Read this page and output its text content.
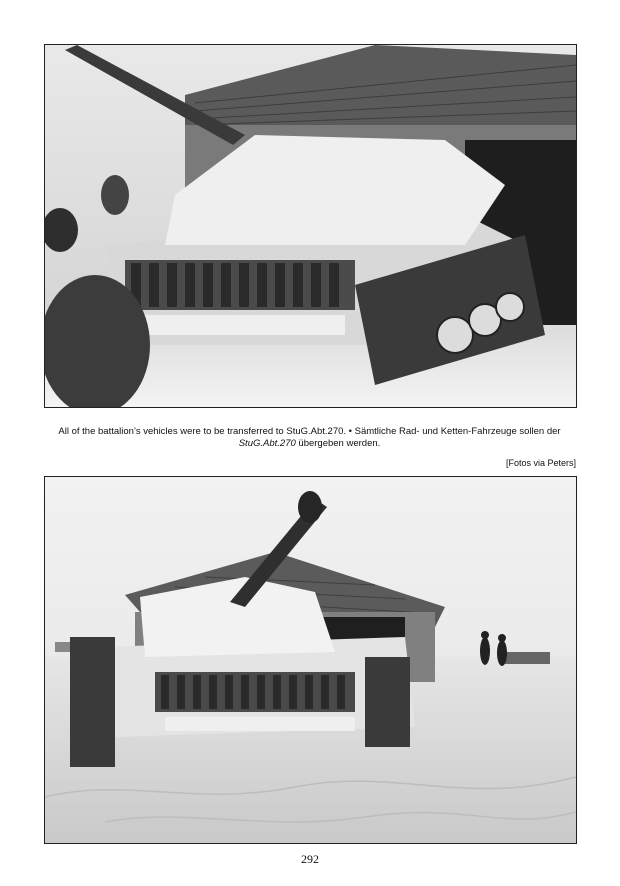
All of the battalion’s vehicles were to be transferred to StuG.Abt.270. • Sämtliche Rad- und Ketten-Fahrzeuge sollen der
StuG.Abt.270 übergeben werden.
[Fotos via Peters]
292
